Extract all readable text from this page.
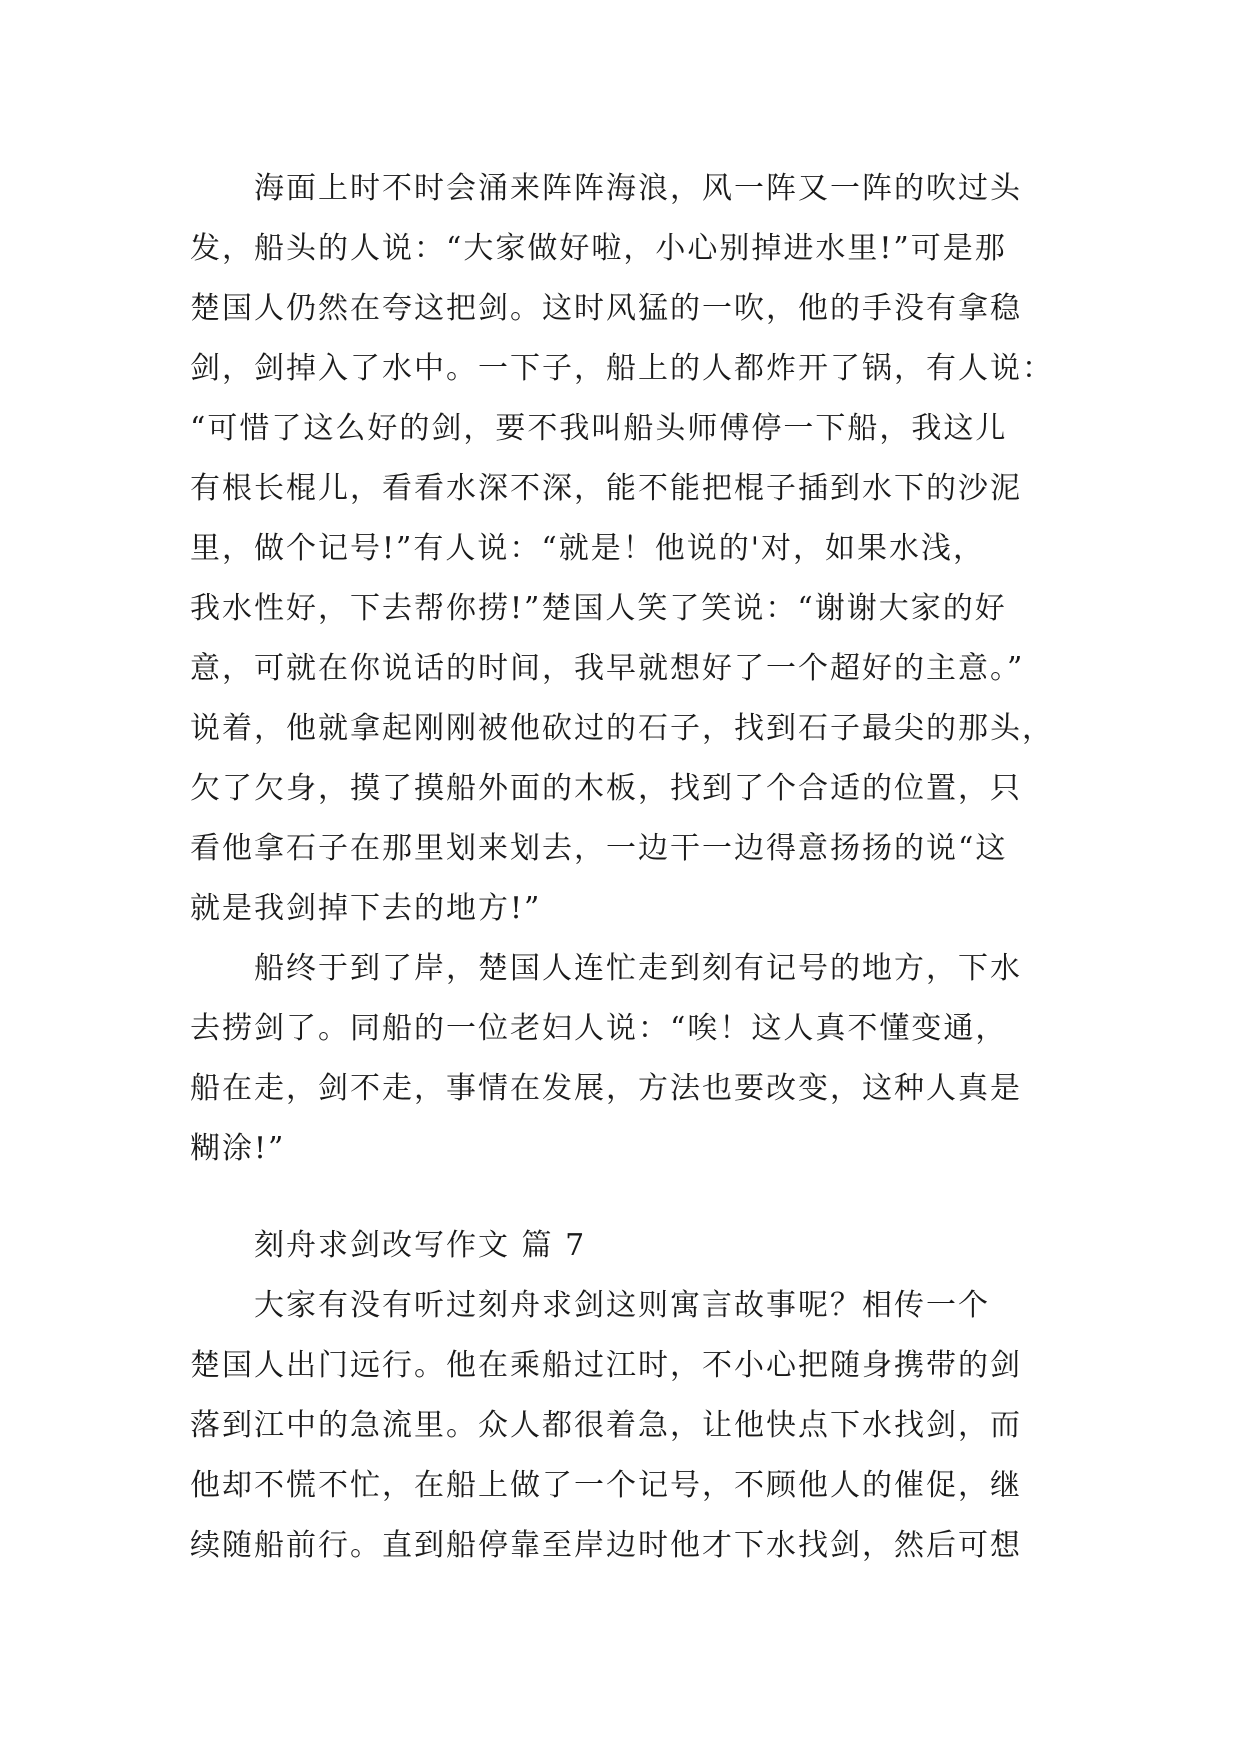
　　海面上时不时会涌来阵阵海浪，风一阵又一阵的吹过头
发，船头的人说：“大家做好啦，小心别掉进水里!”可是那
楚国人仍然在夸这把剑。这时风猛的一吹，他的手没有拿稳
剑，剑掉入了水中。一下子，船上的人都炸开了锅，有人说：
“可惜了这么好的剑，要不我叫船头师傅停一下船，我这儿
有根长棍儿，看看水深不深，能不能把棍子插到水下的沙泥
里，做个记号!”有人说：“就是！他说的'对，如果水浅，
我水性好，下去帮你捞!”楚国人笑了笑说：“谢谢大家的好
意，可就在你说话的时间，我早就想好了一个超好的主意。”
说着，他就拿起刚刚被他砍过的石子，找到石子最尖的那头，
欠了欠身，摸了摸船外面的木板，找到了个合适的位置，只
看他拿石子在那里划来划去，一边干一边得意扬扬的说“这
就是我剑掉下去的地方!”
　　船终于到了岸，楚国人连忙走到刻有记号的地方，下水
去捞剑了。同船的一位老妇人说：“唉！这人真不懂变通，
船在走，剑不走，事情在发展，方法也要改变，这种人真是
糊涂!”
　　刻舟求剑改写作文 篇 7
　　大家有没有听过刻舟求剑这则寓言故事呢？相传一个
楚国人出门远行。他在乘船过江时，不小心把随身携带的剑
落到江中的急流里。众人都很着急，让他快点下水找剑，而
他却不慌不忙，在船上做了一个记号，不顾他人的催促，继
续随船前行。直到船停靠至岸边时他才下水找剑，然后可想
